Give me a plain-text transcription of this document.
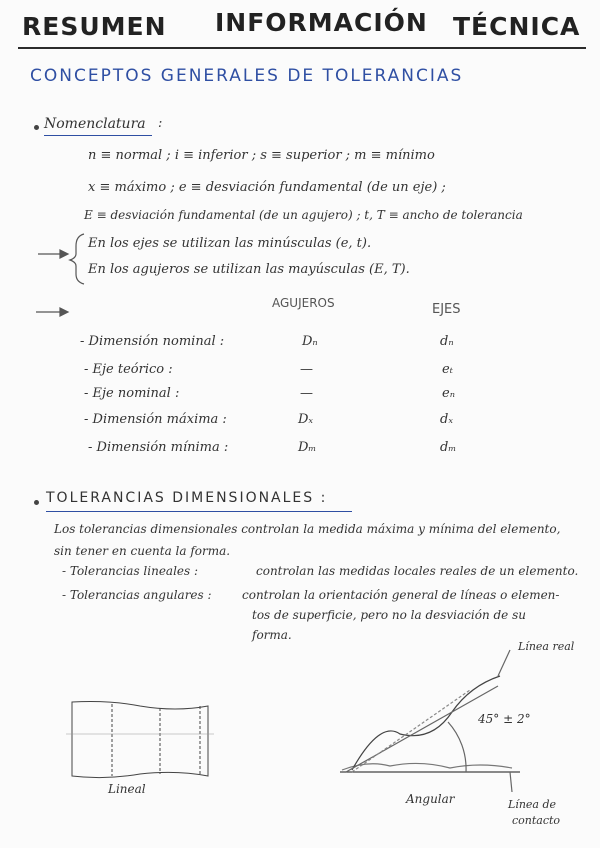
RESUMEN INFORMACIÓN TÉCNICA
CONCEPTOS GENERALES DE TOLERANCIAS
Nomenclatura :
n ≡ normal ; i ≡ inferior ; s ≡ superior ; m ≡ mínimo
x ≡ máximo ; e ≡ desviación fundamental (de un eje) ;
E ≡ desviación fundamental (de un agujero) ; t, T ≡ ancho de tolerancia
En los ejes se utilizan las minúsculas (e, t).
En los agujeros se utilizan las mayúsculas (E, T).
AGUJEROS	EJES
- Dimensión nominal :	Dₙ	dₙ
- Eje teórico :	—	eₜ
- Eje nominal :	—	eₙ
- Dimensión máxima :	Dₓ	dₓ
- Dimensión mínima :	Dₘ	dₘ
TOLERANCIAS DIMENSIONALES :
Los tolerancias dimensionales controlan la medida máxima y mínima del elemento,
sin tener en cuenta la forma.
- Tolerancias lineales :	controlan las medidas locales reales de un elemento.
- Tolerancias angulares :	controlan la orientación general de líneas o elemen-
tos de superficie, pero no la desviación de su
forma.
Línea real
45° ± 2°
Lineal
Angular	Línea de
contacto
